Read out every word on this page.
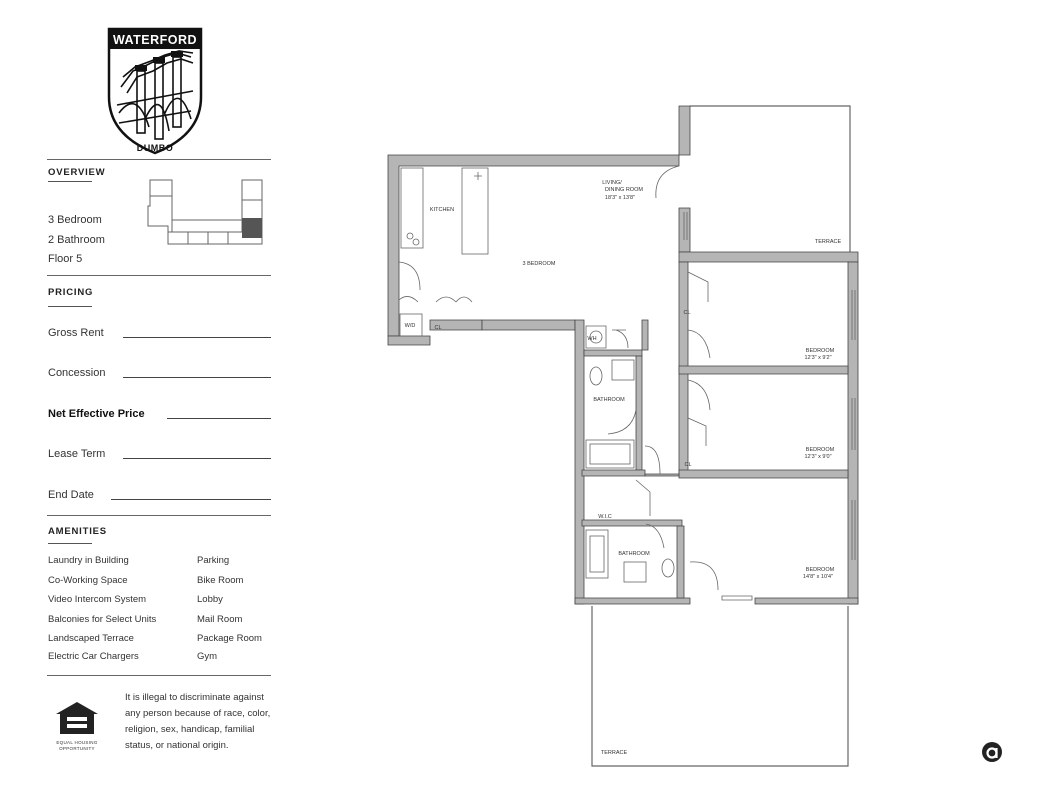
WATERFORD
DUMBO
OVERVIEW
3 Bedroom
2 Bathroom
Floor 5
PRICING
Gross Rent
Concession
Net Effective Price
Lease Term
End Date
AMENITIES
Laundry in Building
Co-Working Space
Video Intercom System
Balconies for Select Units
Landscaped Terrace
Electric Car Chargers
Parking
Bike Room
Lobby
Mail Room
Package Room
Gym
EQUAL HOUSING
OPPORTUNITY
It is illegal to discriminate against any person because of race, color, religion, sex, handicap, familial status, or national origin.
KITCHEN
3 BEDROOM
LIVING/
DINING ROOM
18'3" x 13'8"
TERRACE
TERRACE
BEDROOM
12'3" x 9'2"
BEDROOM
12'3" x 9'0"
BEDROOM
14'8" x 10'4"
BATHROOM
BATHROOM
W.I.C
W/D
WH
CL
CL
CL
